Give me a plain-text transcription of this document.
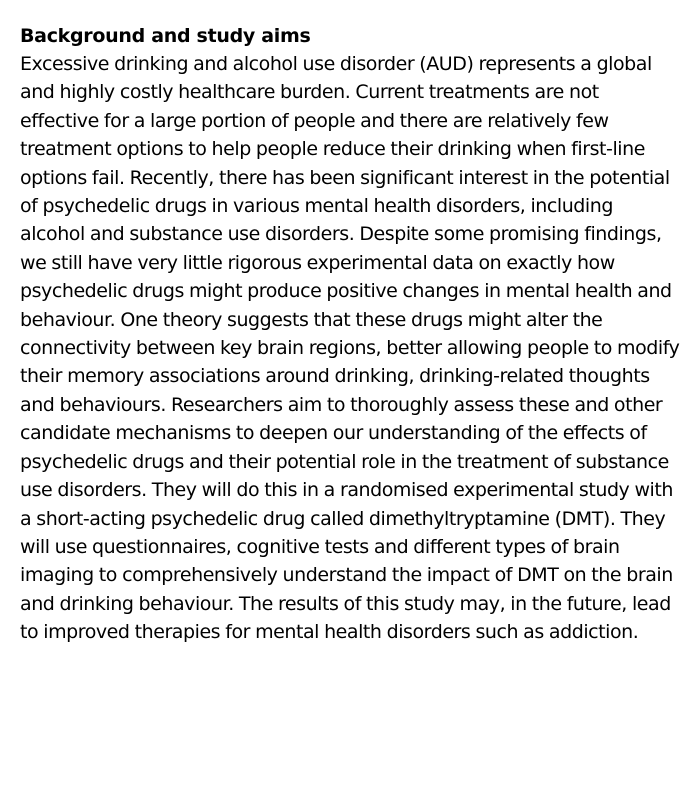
Background and study aims

Excessive drinking and alcohol use disorder (AUD) represents a global and highly costly healthcare burden. Current treatments are not effective for a large portion of people and there are relatively few treatment options to help people reduce their drinking when first-line options fail. Recently, there has been significant interest in the potential of psychedelic drugs in various mental health disorders, including alcohol and substance use disorders. Despite some promising findings, we still have very little rigorous experimental data on exactly how psychedelic drugs might produce positive changes in mental health and behaviour. One theory suggests that these drugs might alter the connectivity between key brain regions, better allowing people to modify their memory associations around drinking, drinking-related thoughts and behaviours. Researchers aim to thoroughly assess these and other candidate mechanisms to deepen our understanding of the effects of psychedelic drugs and their potential role in the treatment of substance use disorders. They will do this in a randomised experimental study with a short-acting psychedelic drug called dimethyltryptamine (DMT). They will use questionnaires, cognitive tests and different types of brain imaging to comprehensively understand the impact of DMT on the brain and drinking behaviour. The results of this study may, in the future, lead to improved therapies for mental health disorders such as addiction.
